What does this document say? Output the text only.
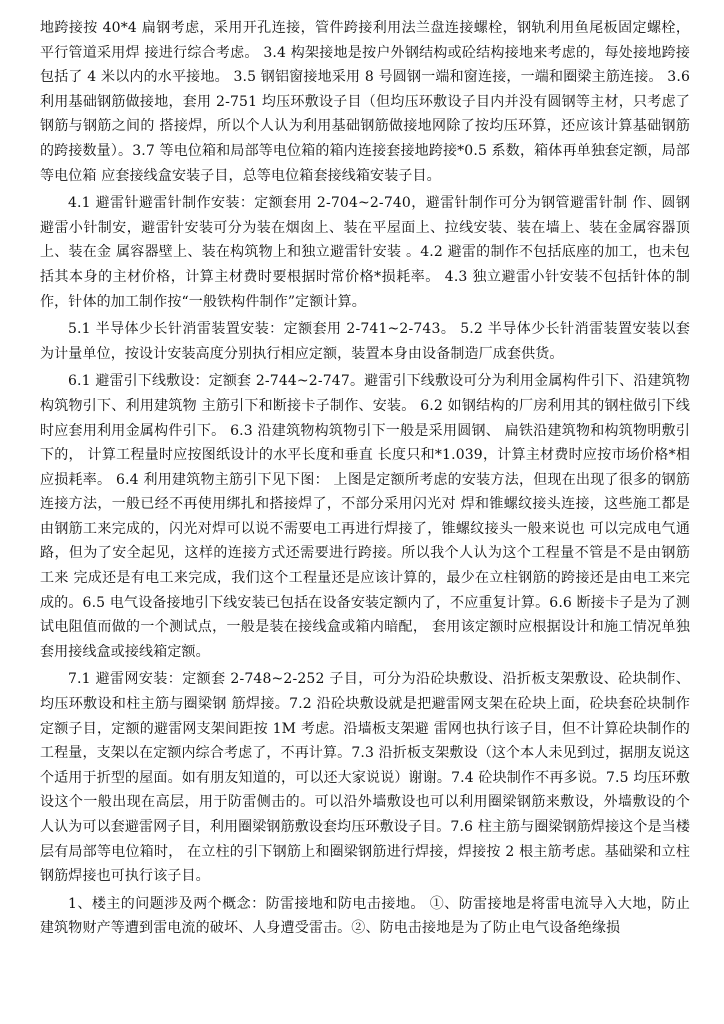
地跨接按 40*4 扁钢考虑，采用开孔连接，管件跨接利用法兰盘连接螺栓，钢轨利用鱼尾板固定螺栓，平行管道采用焊 接进行综合考虑。 3.4 构架接地是按户外钢结构或砼结构接地来考虑的，每处接地跨接包括了 4 米以内的水平接地。 3.5 钢铝窗接地采用 8 号圆钢一端和窗连接，一端和圈梁主筋连接。 3.6 利用基础钢筋做接地，套用 2-751 均压环敷设子目（但均压环敷设子目内并没有圆钢等主材，只考虑了钢筋与钢筋之间的 搭接焊，所以个人认为利用基础钢筋做接地网除了按均压环算，还应该计算基础钢筋的跨接数量）。3.7 等电位箱和局部等电位箱的箱内连接套接地跨接*0.5 系数，箱体再单独套定额，局部等电位箱 应套接线盒安装子目，总等电位箱套接线箱安装子目。

4.1 避雷针避雷针制作安装：定额套用 2-704~2-740，避雷针制作可分为钢管避雷针制 作、圆钢避雷小针制安，避雷针安装可分为装在烟囱上、装在平屋面上、拉线安装、装在墙上、装在金属容器顶上、装在金 属容器壁上、装在构筑物上和独立避雷针安装 。4.2 避雷的制作不包括底座的加工，也未包括其本身的主材价格，计算主材费时要根据时常价格*损耗率。 4.3 独立避雷小针安装不包括针体的制作，针体的加工制作按“一般铁构件制作”定额计算。

5.1 半导体少长针消雷装置安装：定额套用 2-741~2-743。 5.2 半导体少长针消雷装置安装以套为计量单位，按设计安装高度分别执行相应定额，装置本身由设备制造厂成套供货。

6.1 避雷引下线敷设：定额套 2-744~2-747。避雷引下线敷设可分为利用金属构件引下、沿建筑物构筑物引下、利用建筑物 主筋引下和断接卡子制作、安装。 6.2 如钢结构的厂房利用其的钢柱做引下线时应套用利用金属构件引下。 6.3 沿建筑物构筑物引下一般是采用圆钢、 扁铁沿建筑物和构筑物明敷引下的， 计算工程量时应按图纸设计的水平长度和垂直 长度只和*1.039，计算主材费时应按市场价格*相应损耗率。 6.4 利用建筑物主筋引下见下图： 上图是定额所考虑的安装方法，但现在出现了很多的钢筋连接方法，一般已经不再使用绑扎和搭接焊了，不部分采用闪光对 焊和锥螺纹接头连接，这些施工都是由钢筋工来完成的，闪光对焊可以说不需要电工再进行焊接了，锥螺纹接头一般来说也 可以完成电气通路，但为了安全起见，这样的连接方式还需要进行跨接。所以我个人认为这个工程量不管是不是由钢筋工来 完成还是有电工来完成，我们这个工程量还是应该计算的，最少在立柱钢筋的跨接还是由电工来完成的。6.5 电气设备接地引下线安装已包括在设备安装定额内了，不应重复计算。6.6 断接卡子是为了测试电阻值而做的一个测试点，一般是装在接线盒或箱内暗配， 套用该定额时应根据设计和施工情况单独 套用接线盒或接线箱定额。

7.1 避雷网安装：定额套 2-748~2-252 子目，可分为沿砼块敷设、沿折板支架敷设、砼块制作、均压环敷设和柱主筋与圈梁钢 筋焊接。7.2 沿砼块敷设就是把避雷网支架在砼块上面，砼块套砼块制作定额子目，定额的避雷网支架间距按 1M 考虑。沿墙板支架避 雷网也执行该子目，但不计算砼块制作的工程量，支架以在定额内综合考虑了，不再计算。7.3 沿折板支架敷设（这个本人未见到过，据朋友说这个适用于折型的屋面。如有朋友知道的，可以还大家说说）谢谢。7.4 砼块制作不再多说。7.5 均压环敷设这个一般出现在高层，用于防雷侧击的。可以沿外墙敷设也可以利用圈梁钢筋来敷设，外墙敷设的个人认为可以套避雷网子目，利用圈梁钢筋敷设套均压环敷设子目。7.6 柱主筋与圈梁钢筋焊接这个是当楼层有局部等电位箱时， 在立柱的引下钢筋上和圈梁钢筋进行焊接，焊接按 2 根主筋考虑。基础梁和立柱钢筋焊接也可执行该子目。

1、楼主的问题涉及两个概念：防雷接地和防电击接地。 ①、防雷接地是将雷电流导入大地，防止建筑物财产等遭到雷电流的破坏、人身遭受雷击。②、防电击接地是为了防止电气设备绝缘损
